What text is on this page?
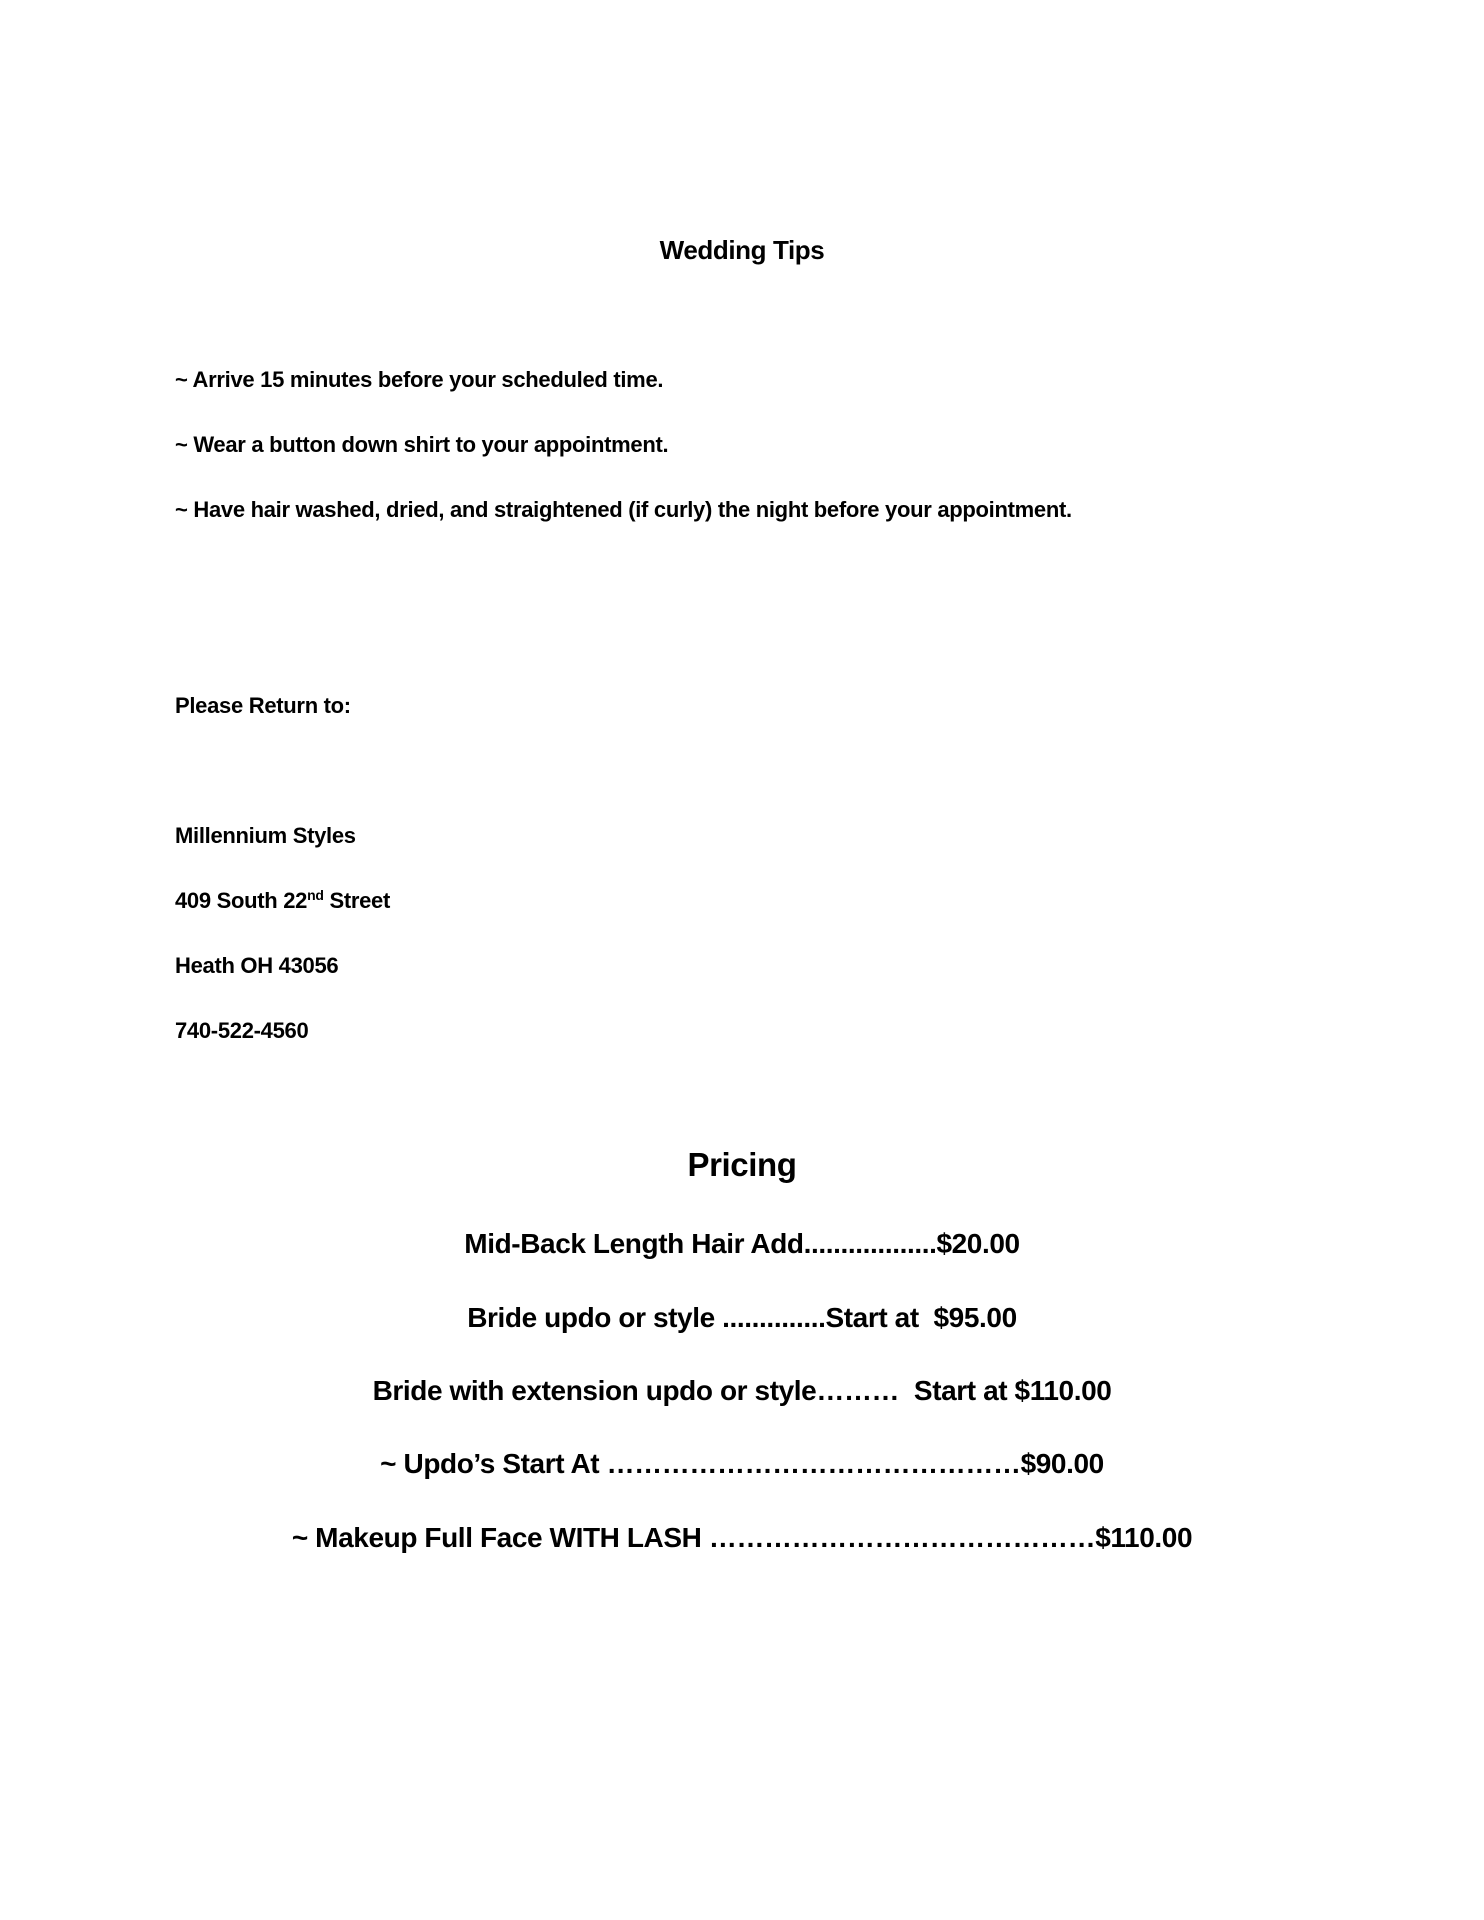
Wedding Tips
~ Arrive 15 minutes before your scheduled time.
~ Wear a button down shirt to your appointment.
~ Have hair washed, dried, and straightened (if curly) the night before your appointment.
Please Return to:
Millennium Styles
409 South 22nd Street
Heath OH 43056
740-522-4560
Pricing
Mid-Back Length Hair Add..................$20.00
Bride updo or style ..............Start at  $95.00
Bride with extension updo or style………  Start at $110.00
~ Updo’s Start At ………………………………………$90.00
~ Makeup Full Face WITH LASH ……………………………………$110.00
